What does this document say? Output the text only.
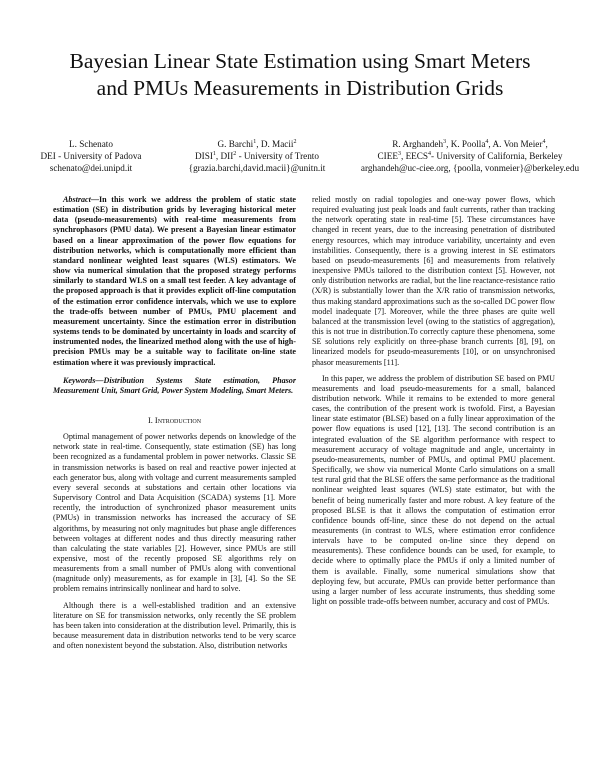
Bayesian Linear State Estimation using Smart Meters
and PMUs Measurements in Distribution Grids
L. Schenato
DEI - University of Padova
schenato@dei.unipd.it
G. Barchi$^1$, D. Macii$^2$
DISI$^1$, DII$^2$ - University of Trento
{grazia.barchi,david.macii}@unitn.it
R. Arghandeh$^3$, K. Poolla$^4$, A. Von Meier$^4$,
CIEE$^3$, EECS$^4$- University of California, Berkeley
arghandeh@uc-ciee.org, {poolla, vonmeier}@berkeley.edu

Abstract—In this work we address the problem of static state estimation (SE) in distribution grids by leveraging historical meter data (pseudo-measurements) with real-time measurements from synchrophasors (PMU data). We present a Bayesian linear estimator based on a linear approximation of the power flow equations for distribution networks, which is computationally more efficient than standard nonlinear weighted least squares (WLS) estimators. We show via numerical simulation that the proposed strategy performs similarly to standard WLS on a small test feeder. A key advantage of the proposed approach is that it provides explicit off-line computation of the estimation error confidence intervals, which we use to explore the trade-offs between number of PMUs, PMU placement and measurement uncertainty. Since the estimation error in distribution systems tends to be dominated by uncertainty in loads and scarcity of instrumented nodes, the linearized method along with the use of high-precision PMUs may be a suitable way to facilitate on-line state estimation where it was previously impractical.

Keywords—Distribution Systems State estimation, Phasor Measurement Unit, Smart Grid, Power System Modeling, Smart Meters.

I. Introduction

Optimal management of power networks depends on knowledge of the network state in real-time. Consequently, state estimation (SE) has long been recognized as a fundamental problem in power networks. Classic SE in transmission networks is based on real and reactive power injected at each generator bus, along with voltage and current measurements sampled every several seconds at substations and certain other locations via Supervisory Control and Data Acquisition (SCADA) systems [1]. More recently, the introduction of synchronized phasor measurement units (PMUs) in transmission networks has increased the accuracy of SE algorithms, by measuring not only magnitudes but phase angle differences between voltages at different nodes and thus directly measuring rather than calculating the state variables [2]. However, since PMUs are still expensive, most of the recently proposed SE algorithms rely on measurements from a small number of PMUs along with conventional (magnitude only) measurements, as for example in [3], [4]. So the SE problem remains intrinsically nonlinear and hard to solve.

Although there is a well-established tradition and an extensive literature on SE for transmission networks, only recently the SE problem has been taken into consideration at the distribution level. Primarily, this is because measurement data in distribution networks tend to be very scarce and often nonexistent beyond the substation. Also, distribution networks

relied mostly on radial topologies and one-way power flows, which required evaluating just peak loads and fault currents, rather than tracking the network operating state in real-time [5]. These circumstances have changed in recent years, due to the increasing penetration of distributed energy resources, which may introduce variability, uncertainty and even instabilities. Consequently, there is a growing interest in SE estimators based on pseudo-measurements [6] and measurements from relatively inexpensive PMUs tailored to the distribution context [5]. However, not only distribution networks are radial, but the line reactance-resistance ratio (X/R) is substantially lower than the X/R ratio of transmission networks, thus making standard approximations such as the so-called DC power flow model inadequate [7]. Moreover, while the three phases are quite well balanced at the transmission level (owing to the statistics of aggregation), this is not true in distribution.To correctly capture these phenomena, some SE solutions rely explicitly on three-phase branch currents [8], [9], on linearized models for pseudo-measurements [10], or on unsynchronised phasor measurements [11].

In this paper, we address the problem of distribution SE based on PMU measurements and load pseudo-measurements for a small, balanced distribution network. While it remains to be extended to more general cases, the contribution of the present work is twofold. First, a Bayesian linear state estimator (BLSE) based on a fully linear approximation of the power flow equations is used [12], [13]. The second contribution is an integrated evaluation of the SE algorithm performance with respect to measurement accuracy of voltage magnitude and angle, uncertainty in pseudo-measurements, number of PMUs, and optimal PMU placement. Specifically, we show via numerical Monte Carlo simulations on a small test rural grid that the BLSE offers the same performance as the traditional nonlinear weighted least squares (WLS) state estimator, but with the benefit of being numerically faster and more robust. A key feature of the proposed BLSE is that it allows the computation of estimation error confidence bounds off-line, since these do not depend on the actual measurements (in contrast to WLS, where estimation error confidence intervals have to be computed on-line since they depend on measurements). These confidence bounds can be used, for example, to decide where to optimally place the PMUs if only a limited number of them is available. Finally, some numerical simulations show that deploying few, but accurate, PMUs can provide better performance than using a larger number of less accurate instruments, thus shedding some light on possible trade-offs between number, accuracy and cost of PMUs.
